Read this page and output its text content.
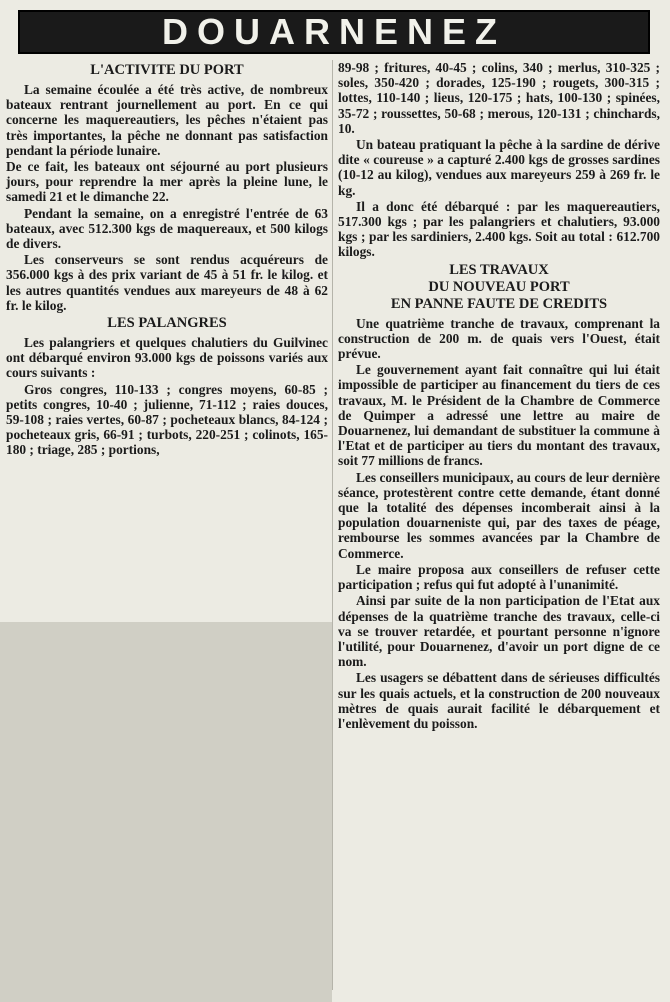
DOUARNENEZ
L'ACTIVITE DU PORT

La semaine écoulée a été très active, de nombreux bateaux rentrant journellement au port. En ce qui concerne les maquereautiers, les pêches n'étaient pas très importantes, la pêche ne donnant pas satisfaction pendant la période lunaire.

De ce fait, les bateaux ont séjourné au port plusieurs jours, pour reprendre la mer après la pleine lune, le samedi 21 et le dimanche 22.

Pendant la semaine, on a enregistré l'entrée de 63 bateaux, avec 512.300 kgs de maquereaux, et 500 kilogs de divers.

Les conserveurs se sont rendus acquéreurs de 356.000 kgs à des prix variant de 45 à 51 fr. le kilog. et les autres quantités vendues aux mareyeurs de 48 à 62 fr. le kilog.

LES PALANGRES

Les palangriers et quelques chalutiers du Guilvinec ont débarqué environ 93.000 kgs de poissons variés aux cours suivants :

Gros congres, 110-133 ; congres moyens, 60-85 ; petits congres, 10-40 ; julienne, 71-112 ; raies douces, 59-108 ; raies vertes, 60-87 ; pocheteaux blancs, 84-124 ; pocheteaux gris, 66-91 ; turbots, 220-251 ; colinots, 165-180 ; triage, 285 ; portions,

89-98 ; fritures, 40-45 ; colins, 340 ; merlus, 310-325 ; soles, 350-420 ; dorades, 125-190 ; rougets, 300-315 ; lottes, 110-140 ; lieus, 120-175 ; hats, 100-130 ; spinées, 35-72 ; roussettes, 50-68 ; merous, 120-131 ; chinchards, 10.

Un bateau pratiquant la pêche à la sardine de dérive dite « coureuse » a capturé 2.400 kgs de grosses sardines (10-12 au kilog), vendues aux mareyeurs 259 à 269 fr. le kg.

Il a donc été débarqué : par les maquereautiers, 517.300 kgs ; par les palangriers et chalutiers, 93.000 kgs ; par les sardiniers, 2.400 kgs. Soit au total : 612.700 kilogs.

LES TRAVAUX
DU NOUVEAU PORT
EN PANNE FAUTE DE CREDITS

Une quatrième tranche de travaux, comprenant la construction de 200 m. de quais vers l'Ouest, était prévue.

Le gouvernement ayant fait connaître qui lui était impossible de participer au financement du tiers de ces travaux, M. le Président de la Chambre de Commerce de Quimper a adressé une lettre au maire de Douarnenez, lui demandant de substituer la commune à l'Etat et de participer au tiers du montant des travaux, soit 77 millions de francs.

Les conseillers municipaux, au cours de leur dernière séance, protestèrent contre cette demande, étant donné que la totalité des dépenses incomberait ainsi à la population douarneniste qui, par des taxes de péage, rembourse les sommes avancées par la Chambre de Commerce.

Le maire proposa aux conseillers de refuser cette participation ; refus qui fut adopté à l'unanimité.

Ainsi par suite de la non participation de l'Etat aux dépenses de la quatrième tranche des travaux, celle-ci va se trouver retardée, et pourtant personne n'ignore l'utilité, pour Douarnenez, d'avoir un port digne de ce nom.

Les usagers se débattent dans de sérieuses difficultés sur les quais actuels, et la construction de 200 nouveaux mètres de quais aurait facilité le débarquement et l'enlèvement du poisson.
